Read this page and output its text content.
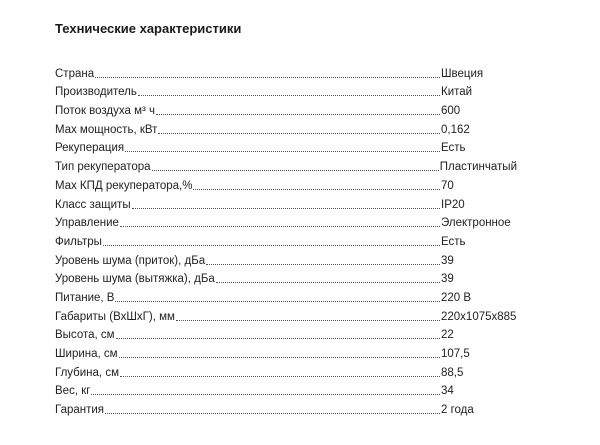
Технические характеристики
Страна	Швеция
Производитель	Китай
Поток воздуха м³ ч	600
Max мощность, кВт	0,162
Рекуперация	Есть
Тип рекуператора	Пластинчатый
Max КПД рекуператора,%	70
Класс защиты	IP20
Управление	Электронное
Фильтры	Есть
Уровень шума (приток), дБа	39
Уровень шума (вытяжка), дБа	39
Питание, В	220 В
Габариты (ВхШхГ), мм	220х1075х885
Высота, см	22
Ширина, см	107,5
Глубина, см	88,5
Вес, кг	34
Гарантия	2 года
